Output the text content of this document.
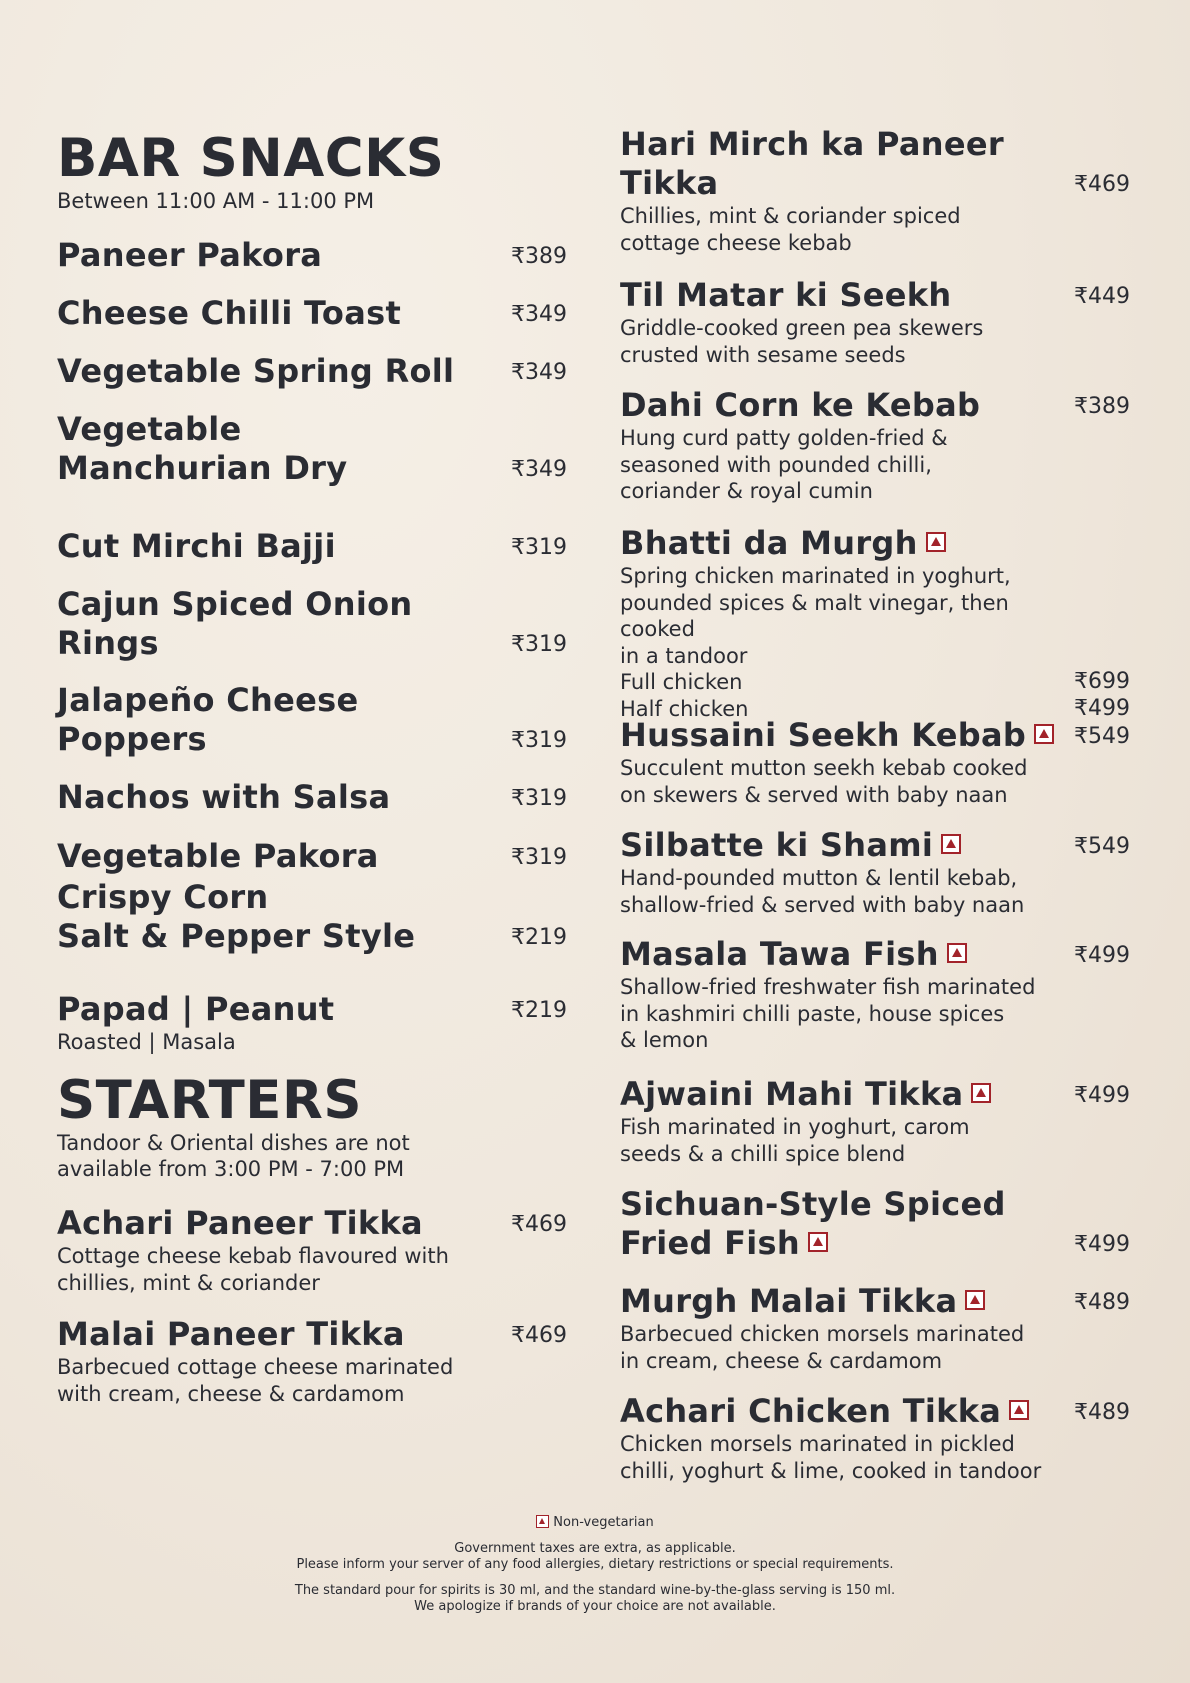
BAR SNACKS

Between 11:00 AM - 11:00 PM

Paneer Pakora	₹389
Cheese Chilli Toast	₹349
Vegetable Spring Roll	₹349
Vegetable
Manchurian Dry	₹349
Cut Mirchi Bajji	₹319
Cajun Spiced Onion
Rings	₹319
Jalapeño Cheese
Poppers	₹319
Nachos with Salsa	₹319
Vegetable Pakora	₹319
Crispy Corn
Salt & Pepper Style	₹219
Papad | Peanut	₹219
Roasted | Masala
STARTERS

Tandoor & Oriental dishes are not
available from 3:00 PM - 7:00 PM

Achari Paneer Tikka	₹469
Cottage cheese kebab flavoured with
chillies, mint & coriander
Malai Paneer Tikka	₹469
Barbecued cottage cheese marinated
with cream, cheese & cardamom
Hari Mirch ka Paneer
Tikka	₹469
Chillies, mint & coriander spiced
cottage cheese kebab
Til Matar ki Seekh	₹449
Griddle-cooked green pea skewers
crusted with sesame seeds
Dahi Corn ke Kebab	₹389
Hung curd patty golden-fried &
seasoned with pounded chilli,
coriander & royal cumin
Bhatti da Murgh
Spring chicken marinated in yoghurt,
pounded spices & malt vinegar, then cooked
in a tandoor
Full chicken	₹699
Half chicken	₹499
Hussaini Seekh Kebab	₹549
Succulent mutton seekh kebab cooked
on skewers & served with baby naan
Silbatte ki Shami	₹549
Hand-pounded mutton & lentil kebab,
shallow-fried & served with baby naan
Masala Tawa Fish	₹499
Shallow-fried freshwater fish marinated
in kashmiri chilli paste, house spices
& lemon
Ajwaini Mahi Tikka	₹499
Fish marinated in yoghurt, carom
seeds & a chilli spice blend
Sichuan-Style Spiced
Fried Fish	₹499
Murgh Malai Tikka	₹489
Barbecued chicken morsels marinated
in cream, cheese & cardamom
Achari Chicken Tikka	₹489
Chicken morsels marinated in pickled
chilli, yoghurt & lime, cooked in tandoor
Non-vegetarian

Government taxes are extra, as applicable.

Please inform your server of any food allergies, dietary restrictions or special requirements.

The standard pour for spirits is 30 ml, and the standard wine-by-the-glass serving is 150 ml.

We apologize if brands of your choice are not available.
